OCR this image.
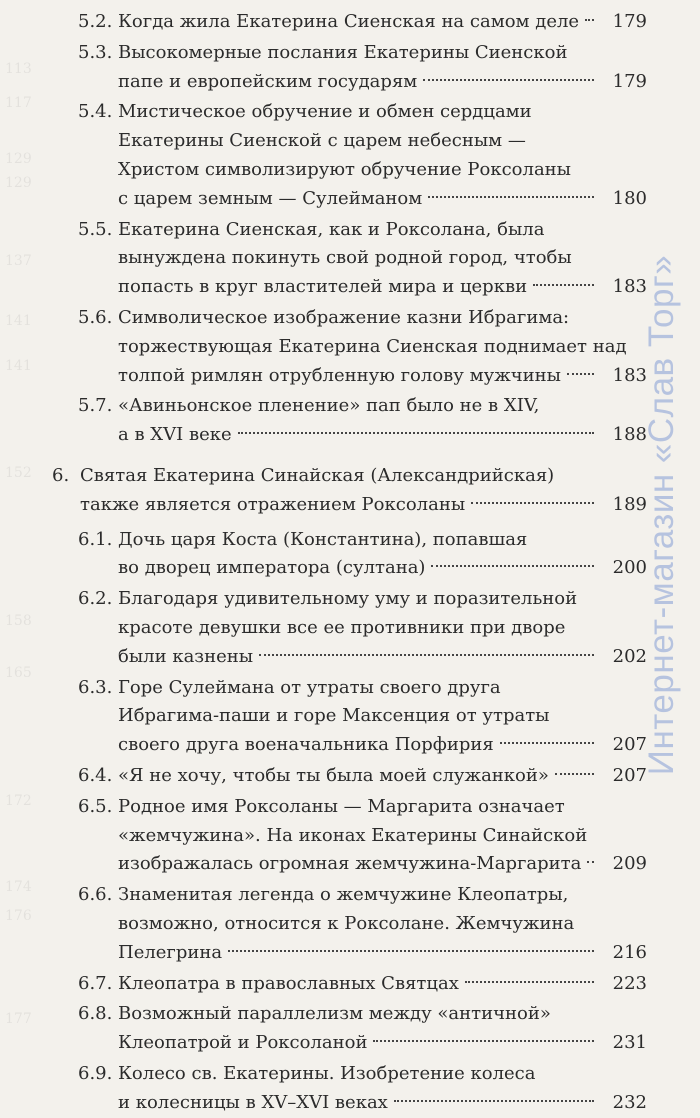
113
117
129
129
137
141
141
152
158
165
172
174
176
177
5.2. Когда жила Екатерина Сиенская на самом деле 179
5.3. Высокомерные послания Екатерины Сиенской
папе и европейским государям	179
5.4. Мистическое обручение и обмен сердцами
Екатерины Сиенской с царем небесным —
Христом символизируют обручение Роксоланы
с царем земным — Сулейманом	180
5.5. Екатерина Сиенская, как и Роксолана, была
вынуждена покинуть свой родной город, чтобы
попасть в круг властителей мира и церкви	183
5.6. Символическое изображение казни Ибрагима:
торжествующая Екатерина Сиенская поднимает над
толпой римлян отрубленную голову мужчины	183
5.7. «Авиньонское пленение» пап было не в XIV,
а в XVI веке	188
6. Святая Екатерина Синайская (Александрийская)
также является отражением Роксоланы	189
6.1. Дочь царя Коста (Константина), попавшая
во дворец императора (султана)	200
6.2. Благодаря удивительному уму и поразительной
красоте девушки все ее противники при дворе
были казнены	202
6.3. Горе Сулеймана от утраты своего друга
Ибрагима-паши и горе Максенция от утраты
своего друга военачальника Порфирия	207
6.4. «Я не хочу, чтобы ты была моей служанкой»	207
6.5. Родное имя Роксоланы — Маргарита означает
«жемчужина». На иконах Екатерины Синайской
изображалась огромная жемчужина-Маргарита 209
6.6. Знаменитая легенда о жемчужине Клеопатры,
возможно, относится к Роксолане. Жемчужина
Пелегрина	216
6.7. Клеопатра в православных Святцах	223
6.8. Возможный параллелизм между «античной»
Клеопатрой и Роксоланой	231
6.9. Колесо св. Екатерины. Изобретение колеса
и колесницы в XV–XVI веках	232
Интернет-магазин «Слав Торг»
